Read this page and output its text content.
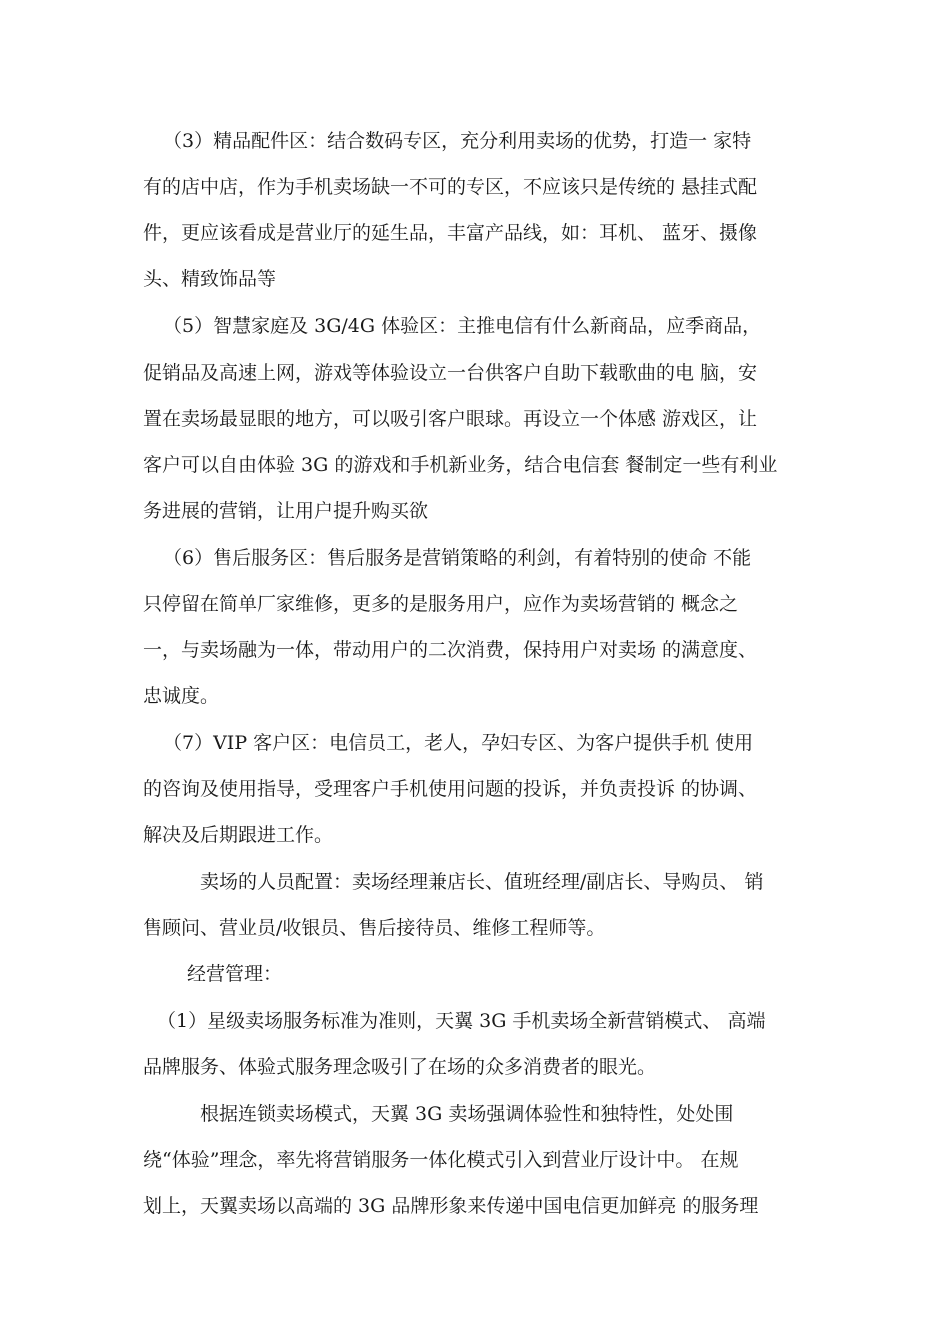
（3）精品配件区：结合数码专区，充分利用卖场的优势，打造一 家特
有的店中店，作为手机卖场缺一不可的专区，不应该只是传统的 悬挂式配
件，更应该看成是营业厅的延生品，丰富产品线，如：耳机、 蓝牙、摄像
头、精致饰品等
（5）智慧家庭及 3G/4G 体验区：主推电信有什么新商品，应季商品，
促销品及高速上网，游戏等体验设立一台供客户自助下载歌曲的电 脑，安
置在卖场最显眼的地方，可以吸引客户眼球。再设立一个体感 游戏区，让
客户可以自由体验 3G 的游戏和手机新业务，结合电信套 餐制定一些有利业
务进展的营销，让用户提升购买欲
（6）售后服务区：售后服务是营销策略的利剑，有着特别的使命 不能
只停留在简单厂家维修，更多的是服务用户，应作为卖场营销的 概念之
一，与卖场融为一体，带动用户的二次消费，保持用户对卖场 的满意度、
忠诚度。
（7）VIP 客户区：电信员工，老人，孕妇专区、为客户提供手机 使用
的咨询及使用指导，受理客户手机使用问题的投诉，并负责投诉 的协调、
解决及后期跟进工作。
卖场的人员配置：卖场经理兼店长、值班经理/副店长、导购员、 销
售顾问、营业员/收银员、售后接待员、维修工程师等。
经营管理：
（1）星级卖场服务标准为准则，天翼 3G 手机卖场全新营销模式、 高端
品牌服务、体验式服务理念吸引了在场的众多消费者的眼光。
根据连锁卖场模式，天翼 3G 卖场强调体验性和独特性，处处围
绕“体验”理念，率先将营销服务一体化模式引入到营业厅设计中。 在规
划上，天翼卖场以高端的 3G 品牌形象来传递中国电信更加鲜亮 的服务理
